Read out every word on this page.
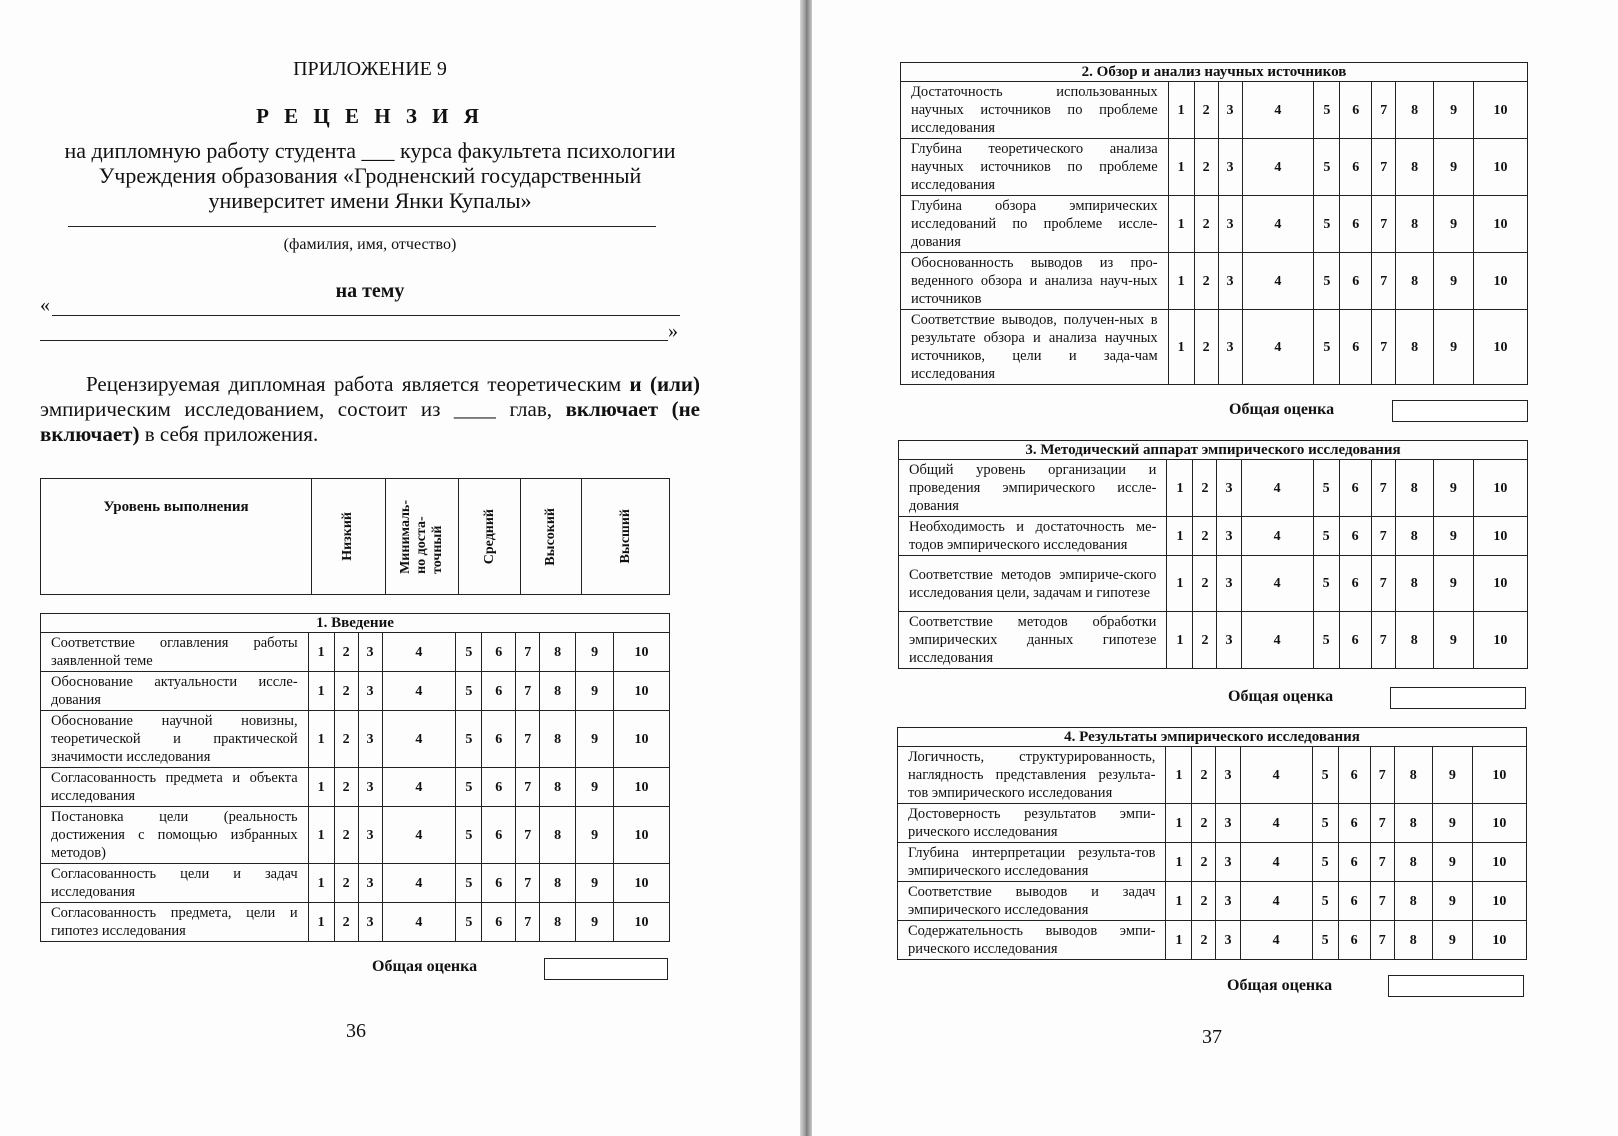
ПРИЛОЖЕНИЕ 9
Р Е Ц Е Н З И Я
на дипломную работу студента ___ курса факультета психологии
Учреждения образования «Гродненский государственный
университет имени Янки Купалы»
(фамилия, имя, отчество)
на тему
«
»
Рецензируемая дипломная работа является теоретическим и (или) эмпирическим исследованием, состоит из ____ глав, включает (не включает) в себя приложения.
Уровень выполнения	
Низкий	Минималь-
но доста-
точный	Средний	Высокий	Высший
1. Введение										
Соответствие оглавления работы заявленной теме	1	2	3	4	5	6	7	8	9	10
Обоснование актуальности иссле-дования	1	2	3	4	5	6	7	8	9	10
Обоснование научной новизны, теоретической и практической значимости исследования	1	2	3	4	5	6	7	8	9	10
Согласованность предмета и объекта исследования	1	2	3	4	5	6	7	8	9	10
Постановка цели (реальность достижения с помощью избранных методов)	1	2	3	4	5	6	7	8	9	10
Согласованность цели и задач исследования	1	2	3	4	5	6	7	8	9	10
Согласованность предмета, цели и гипотез исследования	1	2	3	4	5	6	7	8	9	10
Общая оценка
36
2. Обзор и анализ научных источников										
Достаточность использованных научных источников по проблеме исследования	1	2	3	4	5	6	7	8	9	10
Глубина теоретического анализа научных источников по проблеме исследования	1	2	3	4	5	6	7	8	9	10
Глубина обзора эмпирических исследований по проблеме иссле-дования	1	2	3	4	5	6	7	8	9	10
Обоснованность выводов из про-веденного обзора и анализа науч-ных источников	1	2	3	4	5	6	7	8	9	10
Соответствие выводов, получен-ных в результате обзора и анализа научных источников, цели и зада-чам исследования	1	2	3	4	5	6	7	8	9	10
Общая оценка
3. Методический аппарат эмпирического исследования										
Общий уровень организации и проведения эмпирического иссле-дования	1	2	3	4	5	6	7	8	9	10
Необходимость и достаточность ме-тодов эмпирического исследования	1	2	3	4	5	6	7	8	9	10
Соответствие методов эмпириче-ского исследования цели, задачам и гипотезе	1	2	3	4	5	6	7	8	9	10
Соответствие методов обработки эмпирических данных гипотезе исследования	1	2	3	4	5	6	7	8	9	10
Общая оценка
4. Результаты эмпирического исследования										
Логичность, структурированность, наглядность представления результа-тов эмпирического исследования	1	2	3	4	5	6	7	8	9	10
Достоверность результатов эмпи-рического исследования	1	2	3	4	5	6	7	8	9	10
Глубина интерпретации результа-тов эмпирического исследования	1	2	3	4	5	6	7	8	9	10
Соответствие выводов и задач эмпирического исследования	1	2	3	4	5	6	7	8	9	10
Содержательность выводов эмпи-рического исследования	1	2	3	4	5	6	7	8	9	10
Общая оценка
37
